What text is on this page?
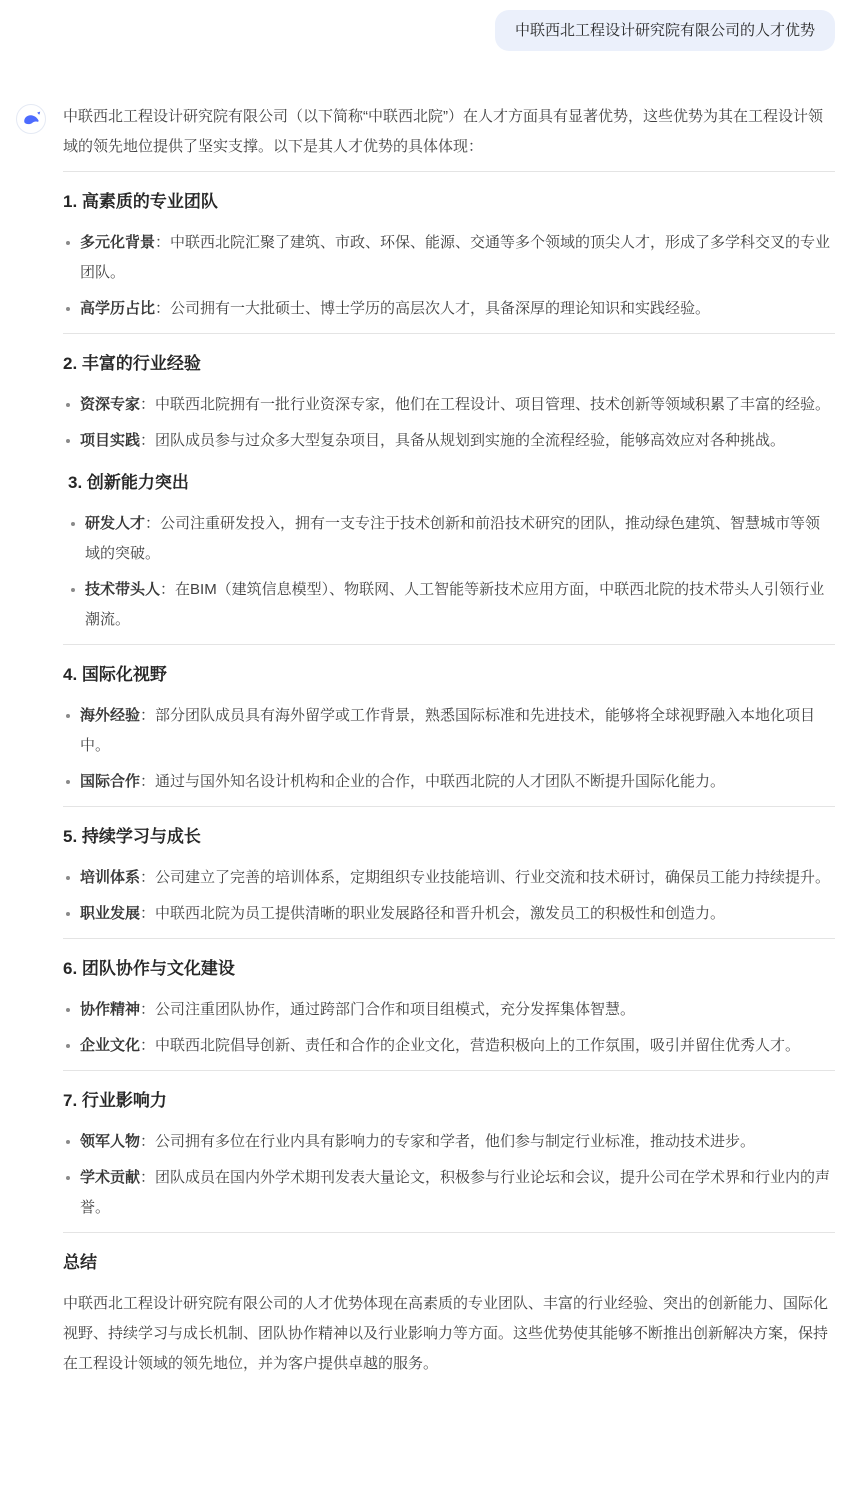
中联西北工程设计研究院有限公司的人才优势

中联西北工程设计研究院有限公司（以下简称“中联西北院”）在人才方面具有显著优势，这些优势为其在工程设计领域的领先地位提供了坚实支撑。以下是其人才优势的具体体现：

1. 高素质的专业团队
多元化背景：中联西北院汇聚了建筑、市政、环保、能源、交通等多个领域的顶尖人才，形成了多学科交叉的专业团队。
高学历占比：公司拥有一大批硕士、博士学历的高层次人才，具备深厚的理论知识和实践经验。
2. 丰富的行业经验
资深专家：中联西北院拥有一批行业资深专家，他们在工程设计、项目管理、技术创新等领域积累了丰富的经验。
项目实践：团队成员参与过众多大型复杂项目，具备从规划到实施的全流程经验，能够高效应对各种挑战。
3. 创新能力突出
研发人才：公司注重研发投入，拥有一支专注于技术创新和前沿技术研究的团队，推动绿色建筑、智慧城市等领域的突破。
技术带头人：在BIM（建筑信息模型）、物联网、人工智能等新技术应用方面，中联西北院的技术带头人引领行业潮流。
4. 国际化视野
海外经验：部分团队成员具有海外留学或工作背景，熟悉国际标准和先进技术，能够将全球视野融入本地化项目中。
国际合作：通过与国外知名设计机构和企业的合作，中联西北院的人才团队不断提升国际化能力。
5. 持续学习与成长
培训体系：公司建立了完善的培训体系，定期组织专业技能培训、行业交流和技术研讨，确保员工能力持续提升。
职业发展：中联西北院为员工提供清晰的职业发展路径和晋升机会，激发员工的积极性和创造力。
6. 团队协作与文化建设
协作精神：公司注重团队协作，通过跨部门合作和项目组模式，充分发挥集体智慧。
企业文化：中联西北院倡导创新、责任和合作的企业文化，营造积极向上的工作氛围，吸引并留住优秀人才。
7. 行业影响力
领军人物：公司拥有多位在行业内具有影响力的专家和学者，他们参与制定行业标准，推动技术进步。
学术贡献：团队成员在国内外学术期刊发表大量论文，积极参与行业论坛和会议，提升公司在学术界和行业内的声誉。
总结

中联西北工程设计研究院有限公司的人才优势体现在高素质的专业团队、丰富的行业经验、突出的创新能力、国际化视野、持续学习与成长机制、团队协作精神以及行业影响力等方面。这些优势使其能够不断推出创新解决方案，保持在工程设计领域的领先地位，并为客户提供卓越的服务。
